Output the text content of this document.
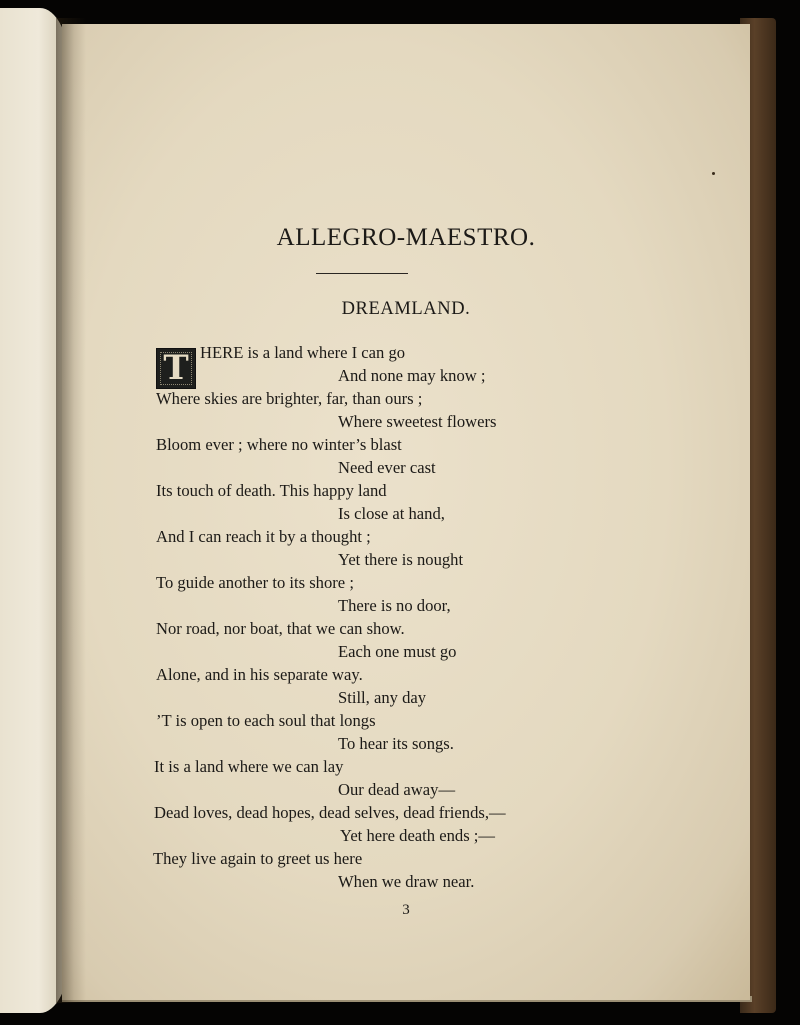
ALLEGRO-MAESTRO.
DREAMLAND.
T HERE is a land where I can go
And none may know ;
Where skies are brighter, far, than ours ;
Where sweetest flowers
Bloom ever ; where no winter’s blast
Need ever cast
Its touch of death. This happy land
Is close at hand,
And I can reach it by a thought ;
Yet there is nought
To guide another to its shore ;
There is no door,
Nor road, nor boat, that we can show.
Each one must go
Alone, and in his separate way.
Still, any day
’T is open to each soul that longs
To hear its songs.
It is a land where we can lay
Our dead away—
Dead loves, dead hopes, dead selves, dead friends,—
Yet here death ends ;—
They live again to greet us here
When we draw near.
3
